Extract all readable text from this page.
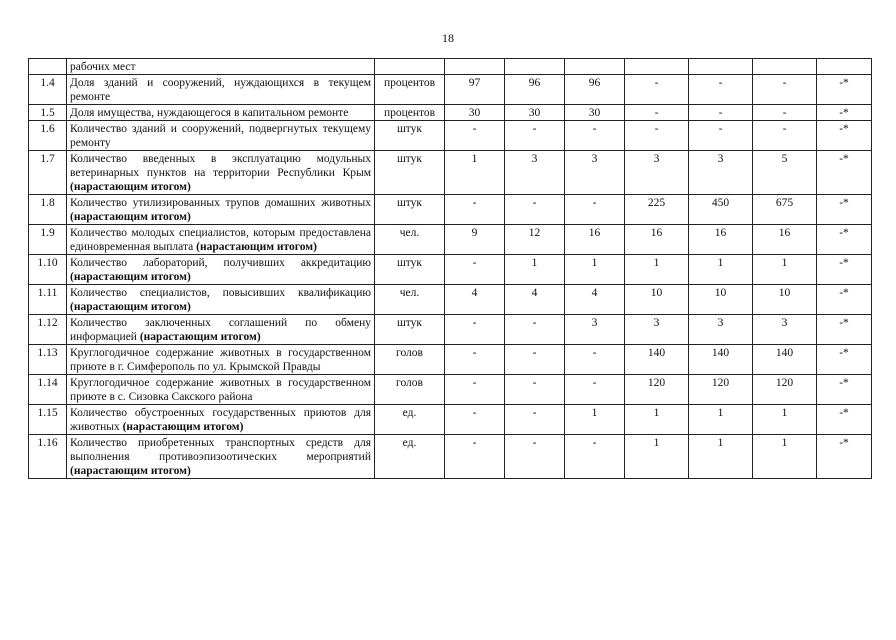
18
	рабочих мест								
1.4	Доля зданий и сооружений, нуждающихся в текущем ремонте	процентов	97	96	96	-	-	-	-*
1.5	Доля имущества, нуждающегося в капитальном ремонте	процентов	30	30	30	-	-	-	-*
1.6	Количество зданий и сооружений, подвергнутых текущему ремонту	штук	-	-	-	-	-	-	-*
1.7	Количество введенных в эксплуатацию модульных ветеринарных пунктов на территории Республики Крым (нарастающим итогом)	штук	1	3	3	3	3	5	-*
1.8	Количество утилизированных трупов домашних животных (нарастающим итогом)	штук	-	-	-	225	450	675	-*
1.9	Количество молодых специалистов, которым предоставлена единовременная выплата (нарастающим итогом)	чел.	9	12	16	16	16	16	-*
1.10	Количество лабораторий, получивших аккредитацию (нарастающим итогом)	штук	-	1	1	1	1	1	-*
1.11	Количество специалистов, повысивших квалификацию (нарастающим итогом)	чел.	4	4	4	10	10	10	-*
1.12	Количество заключенных соглашений по обмену информацией (нарастающим итогом)	штук	-	-	3	3	3	3	-*
1.13	Круглогодичное содержание животных в государственном приюте в г. Симферополь по ул. Крымской Правды	голов	-	-	-	140	140	140	-*
1.14	Круглогодичное содержание животных в государственном приюте в с. Сизовка Сакского района	голов	-	-	-	120	120	120	-*
1.15	Количество обустроенных государственных приютов для животных (нарастающим итогом)	ед.	-	-	1	1	1	1	-*
1.16	Количество приобретенных транспортных средств для выполнения противоэпизоотических мероприятий (нарастающим итогом)	ед.	-	-	-	1	1	1	-*
